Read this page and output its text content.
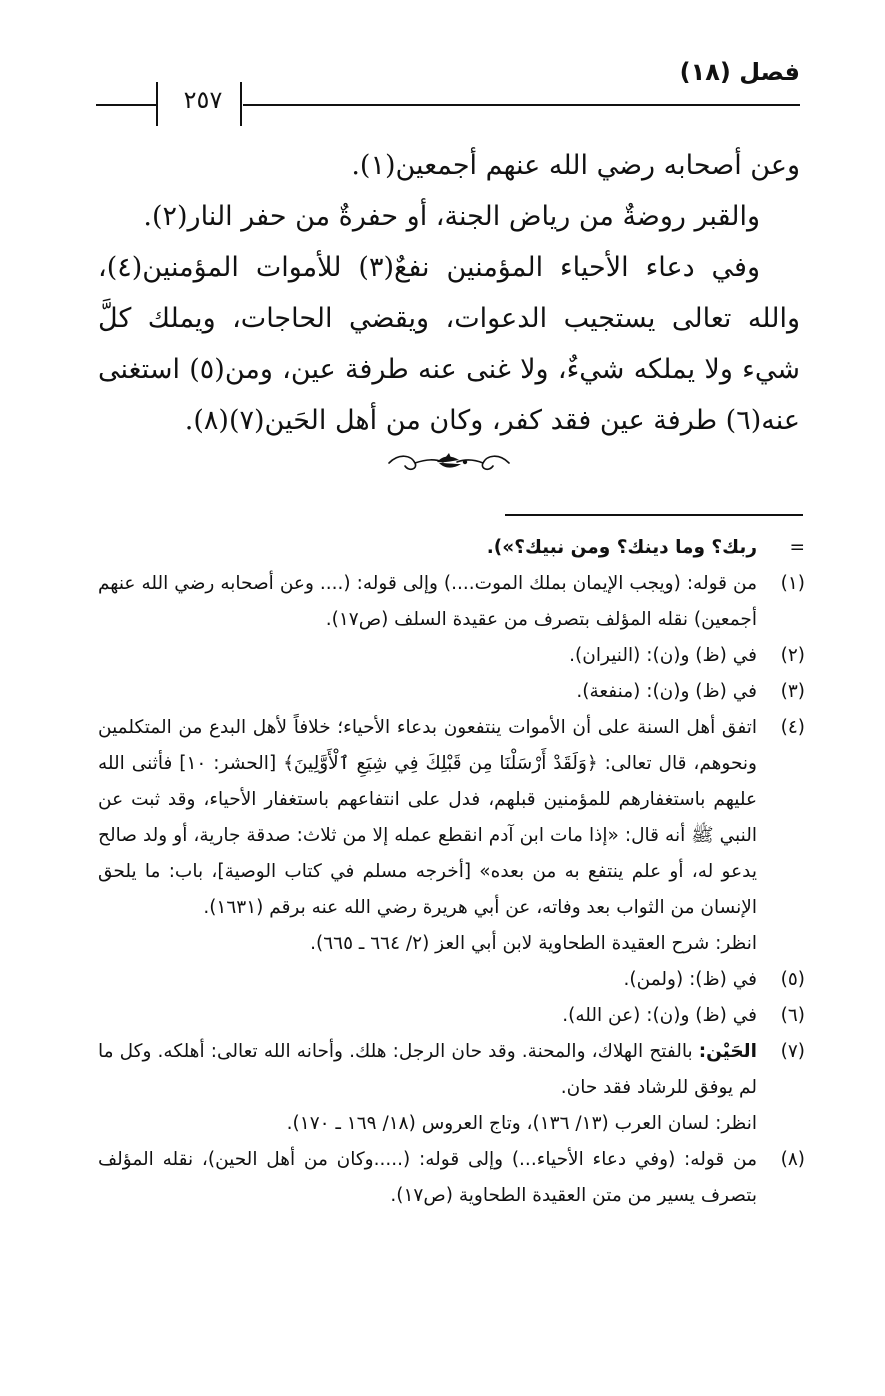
فصل (١٨)
٢٥٧

وعن أصحابه رضي الله عنهم أجمعين(١).

والقبر روضةٌ من رياض الجنة، أو حفرةٌ من حفر النار(٢).

وفي دعاء الأحياء المؤمنين نفعٌ(٣) للأموات المؤمنين(٤)، والله تعالى يستجيب الدعوات، ويقضي الحاجات، ويملك كلَّ شيء ولا يملكه شيءٌ، ولا غنى عنه طرفة عين، ومن(٥) استغنى عنه(٦) طرفة عين فقد كفر، وكان من أهل الحَين(٧)(٨).

=
ربك؟ وما دينك؟ ومن نبيك؟»).
(١)
من قوله: (ويجب الإيمان بملك الموت....) وإلى قوله: (.... وعن أصحابه رضي الله عنهم أجمعين) نقله المؤلف بتصرف من عقيدة السلف (ص١٧).
(٢)
في (ظ) و(ن): (النيران).
(٣)
في (ظ) و(ن): (منفعة).
(٤)
اتفق أهل السنة على أن الأموات ينتفعون بدعاء الأحياء؛ خلافاً لأهل البدع من المتكلمين ونحوهم، قال تعالى: ﴿وَلَقَدْ أَرْسَلْنَا مِن قَبْلِكَ فِي شِيَعِ ٱلْأَوَّلِينَ﴾ [الحشر: ١٠] فأثنى الله عليهم باستغفارهم للمؤمنين قبلهم، فدل على انتفاعهم باستغفار الأحياء، وقد ثبت عن النبي ﷺ أنه قال: «إذا مات ابن آدم انقطع عمله إلا من ثلاث: صدقة جارية، أو ولد صالح يدعو له، أو علم ينتفع به من بعده» [أخرجه مسلم في كتاب الوصية]، باب: ما يلحق الإنسان من الثواب بعد وفاته، عن أبي هريرة رضي الله عنه برقم (١٦٣١).
انظر: شرح العقيدة الطحاوية لابن أبي العز (٢/ ٦٦٤ ـ ٦٦٥).
(٥)
في (ظ): (ولمن).
(٦)
في (ظ) و(ن): (عن الله).
(٧)
الحَيْن: بالفتح الهلاك، والمحنة. وقد حان الرجل: هلك. وأحانه الله تعالى: أهلكه. وكل ما لم يوفق للرشاد فقد حان.
انظر: لسان العرب (١٣/ ١٣٦)، وتاج العروس (١٨/ ١٦٩ ـ ١٧٠).
(٨)
من قوله: (وفي دعاء الأحياء...) وإلى قوله: (.....وكان من أهل الحين)، نقله المؤلف بتصرف يسير من متن العقيدة الطحاوية (ص١٧).
